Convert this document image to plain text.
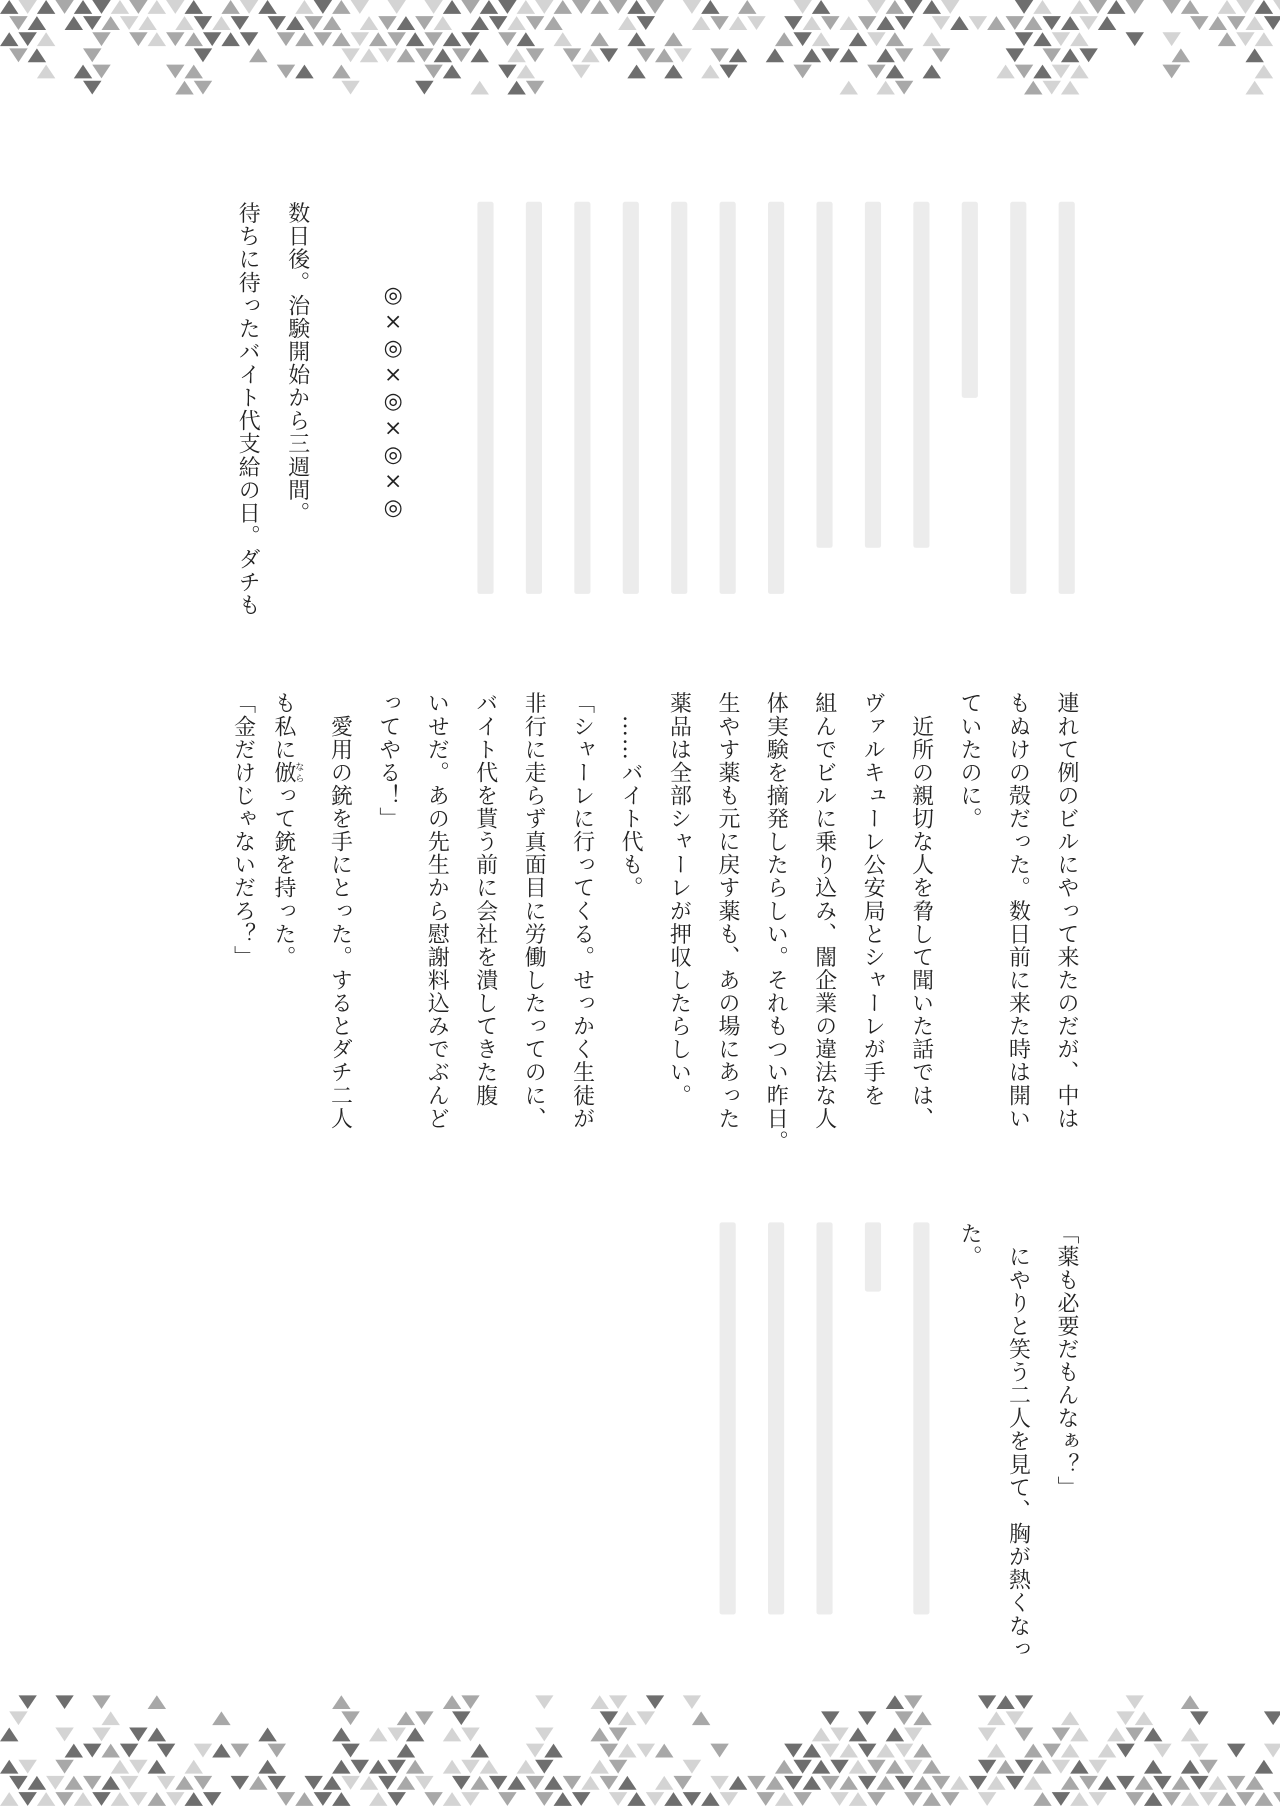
◎×◎×◎×◎×◎
数日後。治験開始から三週間。
待ちに待ったバイト代支給の日。ダチも
連れて例のビルにやって来たのだが、中は
もぬけの殻だった。数日前に来た時は開い
ていたのに。
　近所の親切な人を脅して聞いた話では、
ヴァルキューレ公安局とシャーレが手を
組んでビルに乗り込み、闇企業の違法な人
体実験を摘発したらしい。それもつい昨日。
生やす薬も元に戻す薬も、あの場にあった
薬品は全部シャーレが押収したらしい。
　……バイト代も。
「シャーレに行ってくる。せっかく生徒が
非行に走らず真面目に労働したってのに、
バイト代を貰う前に会社を潰してきた腹
いせだ。あの先生から慰謝料込みでぶんど
ってやる！」
　愛用の銃を手にとった。するとダチ二人
も私に倣ならって銃を持った。
「金だけじゃないだろ？」
「薬も必要だもんなぁ？」
　にやりと笑う二人を見て、胸が熱くなっ
た。
